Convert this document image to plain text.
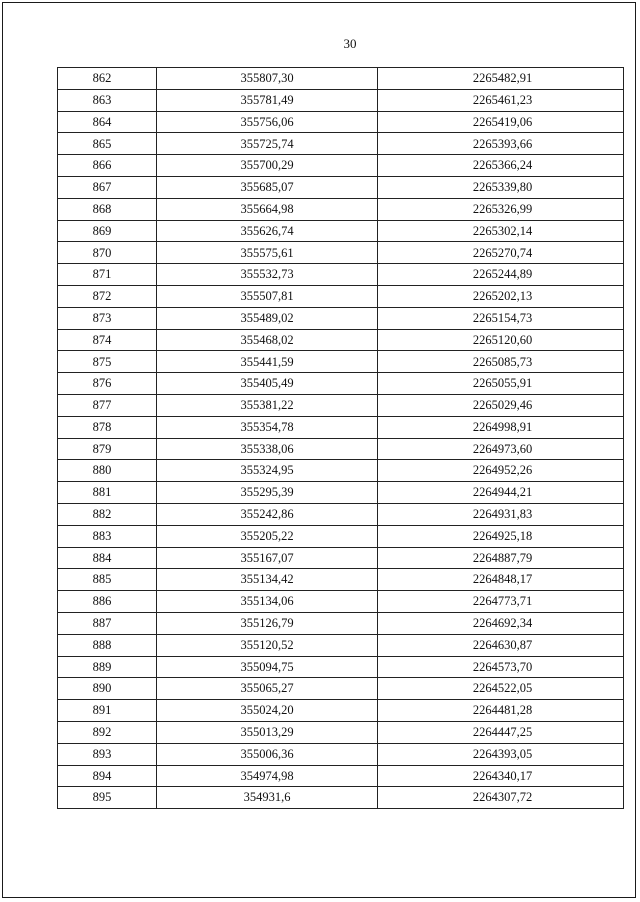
30
862	355807,30	2265482,91
863	355781,49	2265461,23
864	355756,06	2265419,06
865	355725,74	2265393,66
866	355700,29	2265366,24
867	355685,07	2265339,80
868	355664,98	2265326,99
869	355626,74	2265302,14
870	355575,61	2265270,74
871	355532,73	2265244,89
872	355507,81	2265202,13
873	355489,02	2265154,73
874	355468,02	2265120,60
875	355441,59	2265085,73
876	355405,49	2265055,91
877	355381,22	2265029,46
878	355354,78	2264998,91
879	355338,06	2264973,60
880	355324,95	2264952,26
881	355295,39	2264944,21
882	355242,86	2264931,83
883	355205,22	2264925,18
884	355167,07	2264887,79
885	355134,42	2264848,17
886	355134,06	2264773,71
887	355126,79	2264692,34
888	355120,52	2264630,87
889	355094,75	2264573,70
890	355065,27	2264522,05
891	355024,20	2264481,28
892	355013,29	2264447,25
893	355006,36	2264393,05
894	354974,98	2264340,17
895	354931,6	2264307,72
